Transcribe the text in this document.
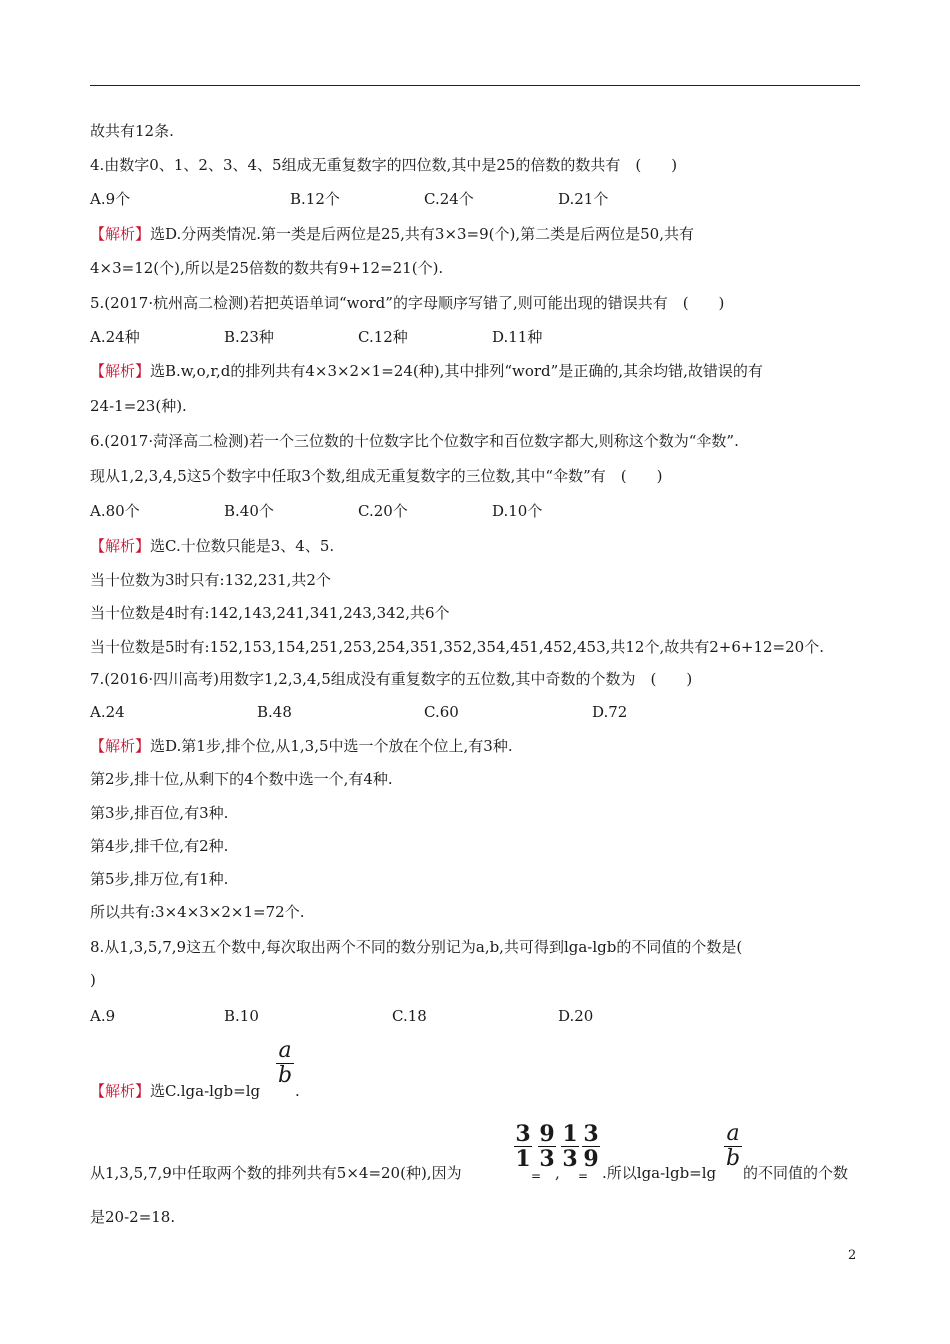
故共有12条.
4.由数字0、1、2、3、4、5组成无重复数字的四位数,其中是25的倍数的数共有　(　　)
A.9个	B.12个	C.24个	D.21个
【解析】选D.分两类情况.第一类是后两位是25,共有3×3=9(个),第二类是后两位是50,共有
4×3=12(个),所以是25倍数的数共有9+12=21(个).
5.(2017·杭州高二检测)若把英语单词“word”的字母顺序写错了,则可能出现的错误共有　(　　)
A.24种	B.23种	C.12种	D.11种
【解析】选B.w,o,r,d的排列共有4×3×2×1=24(种),其中排列“word”是正确的,其余均错,故错误的有
24-1=23(种).
6.(2017·菏泽高二检测)若一个三位数的十位数字比个位数字和百位数字都大,则称这个数为“伞数”.
现从1,2,3,4,5这5个数字中任取3个数,组成无重复数字的三位数,其中“伞数”有　(　　)
A.80个	B.40个	C.20个	D.10个
【解析】选C.十位数只能是3、4、5.
当十位数为3时只有:132,231,共2个
当十位数是4时有:142,143,241,341,243,342,共6个
当十位数是5时有:152,153,154,251,253,254,351,352,354,451,452,453,共12个,故共有2+6+12=20个.
7.(2016·四川高考)用数字1,2,3,4,5组成没有重复数字的五位数,其中奇数的个数为　(　　)
A.24	B.48	C.60	D.72
【解析】选D.第1步,排个位,从1,3,5中选一个放在个位上,有3种.
第2步,排十位,从剩下的4个数中选一个,有4种.
第3步,排百位,有3种.
第4步,排千位,有2种.
第5步,排万位,有1种.
所以共有:3×4×3×2×1=72个.
8.从1,3,5,7,9这五个数中,每次取出两个不同的数分别记为a,b,共可得到lga-lgb的不同值的个数是(
)
A.9	B.10	C.18	D.20
【解析】选C.lga-lgb=lg
a
b
.
从1,3,5,7,9中任取两个数的排列共有5×4=20(种),因为
3
1
=
9
3
,
1
3
=
3
9
.所以lga-lgb=lg
a
b
的不同值的个数
是20-2=18.
2
